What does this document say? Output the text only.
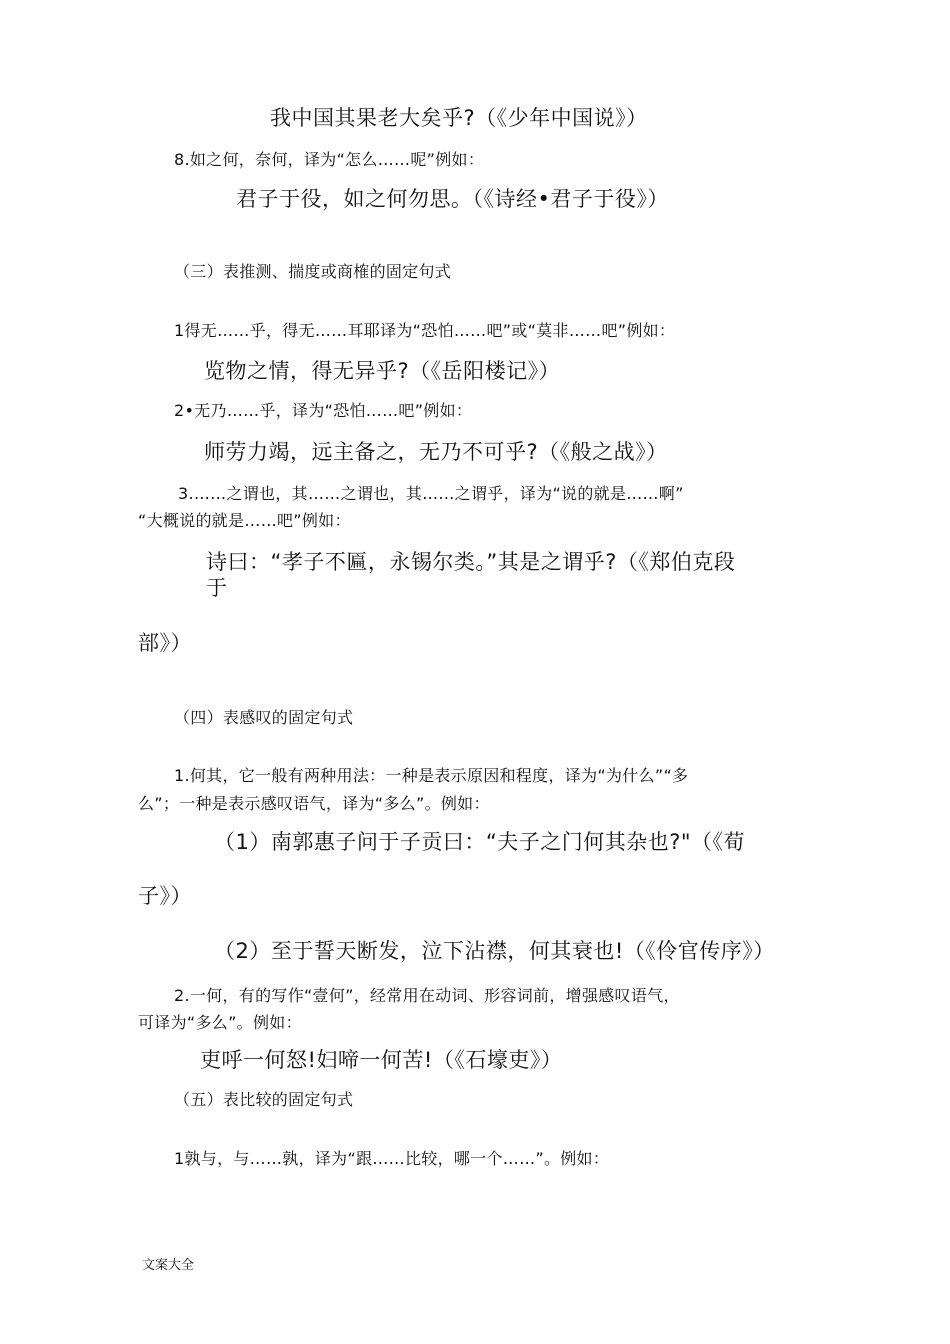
我中国其果老大矣乎?（《少年中国说》）

8.如之何，奈何，译为“怎么……呢”例如：

君子于役，如之何勿思。（《诗经•君子于役》）

（三）表推测、揣度或商榷的固定句式

1得无……乎，得无……耳耶译为“恐怕……吧”或“莫非……吧”例如：

览物之情，得无异乎?（《岳阳楼记》）

2•无乃……乎，译为“恐怕……吧”例如：

师劳力竭，远主备之，无乃不可乎?（《般之战》）

3.……之谓也，其……之谓也，其……之谓乎，译为“说的就是……啊”

“大概说的就是……吧”例如：

诗曰：“孝子不匾，永锡尔类。”其是之谓乎?（《郑伯克段

于

部》）

（四）表感叹的固定句式

1.何其，它一般有两种用法：一种是表示原因和程度，译为“为什么”“多

么”；一种是表示感叹语气，译为“多么”。例如：

（1）南郭惠子问于子贡曰：“夫子之门何其杂也?"（《荀

子》）

（2）至于誓天断发，泣下沾襟，何其衰也!（《伶官传序》）

2.一何，有的写作“壹何”，经常用在动词、形容词前，增强感叹语气，

可译为“多么”。例如：

吏呼一何怒!妇啼一何苦!（《石壕吏》）

（五）表比较的固定句式

1孰与，与……孰，译为“跟……比较，哪一个……”。例如：

文案大全
